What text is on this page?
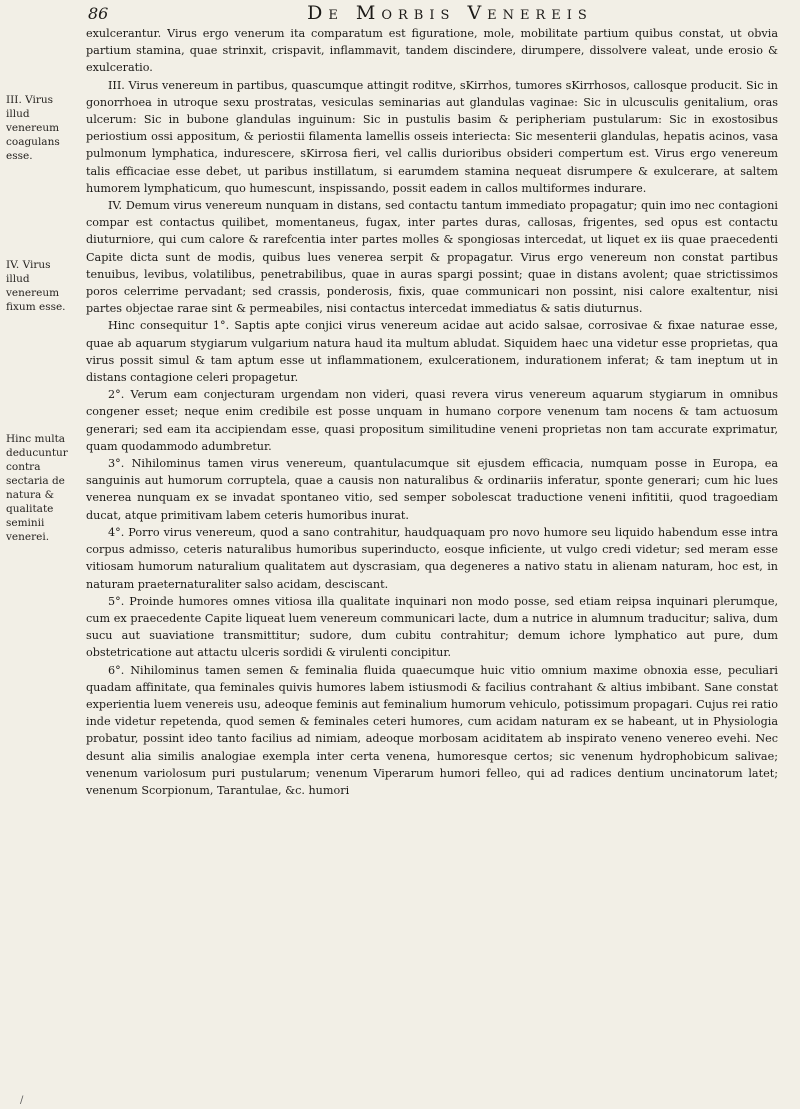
86	De Morbis Venereis
III. Virus illud venereum coagulans esse.
IV. Virus illud venereum fixum esse.
Hinc multa deducuntur contra sectaria de natura & qualitate seminii venerei.

exulcerantur. Virus ergo venerum ita comparatum est figuratione, mole, mobilitate partium quibus constat, ut obvia partium stamina, quae strinxit, crispavit, inflammavit, tandem discindere, dirumpere, dissolvere valeat, unde erosio & exulceratio.

III. Virus venereum in partibus, quascumque attingit roditve, sKirrhos, tumores sKirrhosos, callosque producit. Sic in gonorrhoea in utroque sexu prostratas, vesiculas seminarias aut glandulas vaginae: Sic in ulcusculis genitalium, oras ulcerum: Sic in bubone glandulas inguinum: Sic in pustulis basim & peripheriam pustularum: Sic in exostosibus periostium ossi appositum, & periostii filamenta lamellis osseis interiecta: Sic mesenterii glandulas, hepatis acinos, vasa pulmonum lymphatica, indurescere, sKirrosa fieri, vel callis durioribus obsideri compertum est. Virus ergo venereum talis efficaciae esse debet, ut paribus instillatum, si earumdem stamina nequeat disrumpere & exulcerare, at saltem humorem lymphaticum, quo humescunt, inspissando, possit eadem in callos multiformes indurare.

IV. Demum virus venereum nunquam in distans, sed contactu tantum immediato propagatur; quin imo nec contagioni compar est contactus quilibet, momentaneus, fugax, inter partes duras, callosas, frigentes, sed opus est contactu diuturniore, qui cum calore & rarefcentia inter partes molles & spongiosas intercedat, ut liquet ex iis quae praecedenti Capite dicta sunt de modis, quibus lues venerea serpit & propagatur. Virus ergo venereum non constat partibus tenuibus, levibus, volatilibus, penetrabilibus, quae in auras spargi possint; quae in distans avolent; quae strictissimos poros celerrime pervadant; sed crassis, ponderosis, fixis, quae communicari non possint, nisi calore exaltentur, nisi partes objectae rarae sint & permeabiles, nisi contactus intercedat immediatus & satis diuturnus.

Hinc consequitur 1°. Saptis apte conjici virus venereum acidae aut acido salsae, corrosivae & fixae naturae esse, quae ab aquarum stygiarum vulgarium natura haud ita multum abludat. Siquidem haec una videtur esse proprietas, qua virus possit simul & tam aptum esse ut inflammationem, exulcerationem, indurationem inferat; & tam ineptum ut in distans contagione celeri propagetur.

2°. Verum eam conjecturam urgendam non videri, quasi revera virus venereum aquarum stygiarum in omnibus congener esset; neque enim credibile est posse unquam in humano corpore venenum tam nocens & tam actuosum generari; sed eam ita accipiendam esse, quasi propositum similitudine veneni proprietas non tam accurate exprimatur, quam quodammodo adumbretur.

3°. Nihilominus tamen virus venereum, quantulacumque sit ejusdem efficacia, numquam posse in Europa, ea sanguinis aut humorum corruptela, quae a causis non naturalibus & ordinariis inferatur, sponte generari; cum hic lues venerea nunquam ex se invadat spontaneo vitio, sed semper sobolescat traductione veneni infititii, quod tragoediam ducat, atque primitivam labem ceteris humoribus inurat.

4°. Porro virus venereum, quod a sano contrahitur, haudquaquam pro novo humore seu liquido habendum esse intra corpus admisso, ceteris naturalibus humoribus superinducto, eosque inficiente, ut vulgo credi videtur; sed meram esse vitiosam humorum naturalium qualitatem aut dyscrasiam, qua degeneres a nativo statu in alienam naturam, hoc est, in naturam praeternaturaliter salso acidam, descisсant.

5°. Proinde humores omnes vitiosa illa qualitate inquinari non modo posse, sed etiam reipsa inquinari plerumque, cum ex praecedente Capite liqueat luem venereum communicari lacte, dum a nutrice in alumnum traducitur; saliva, dum sucu aut suaviatione transmittitur; sudore, dum cubitu contrahitur; demum ichore lymphatico aut pure, dum obstetricatione aut attactu ulceris sordidi & virulenti concipitur.

6°. Nihilominus tamen semen & feminalia fluida quaecumque huic vitio omnium maxime obnoxia esse, peculiari quadam affinitate, qua feminales quivis humores labem istiusmodi & facilius contrahant & altius imbibant. Sane constat experientia luem venereis usu, adeoque feminis aut feminalium humorum vehiculo, potissimum propagari. Cujus rei ratio inde videtur repetenda, quod semen & feminales ceteri humores, cum acidam naturam ex se habeant, ut in Physiologia probatur, possint ideo tanto facilius ad nimiam, adeoque morbosam aciditatem ab inspirato veneno venereo evehi. Nec desunt alia similis analogiae exempla inter certa venena, humoresque certos; sic venenum hydrophobicum salivae; venenum variolosum puri pustularum; venenum Viperarum humori felleo, qui ad radices dentium uncinatorum latet; venenum Scorpionum, Tarantulae, &c. humori

/
